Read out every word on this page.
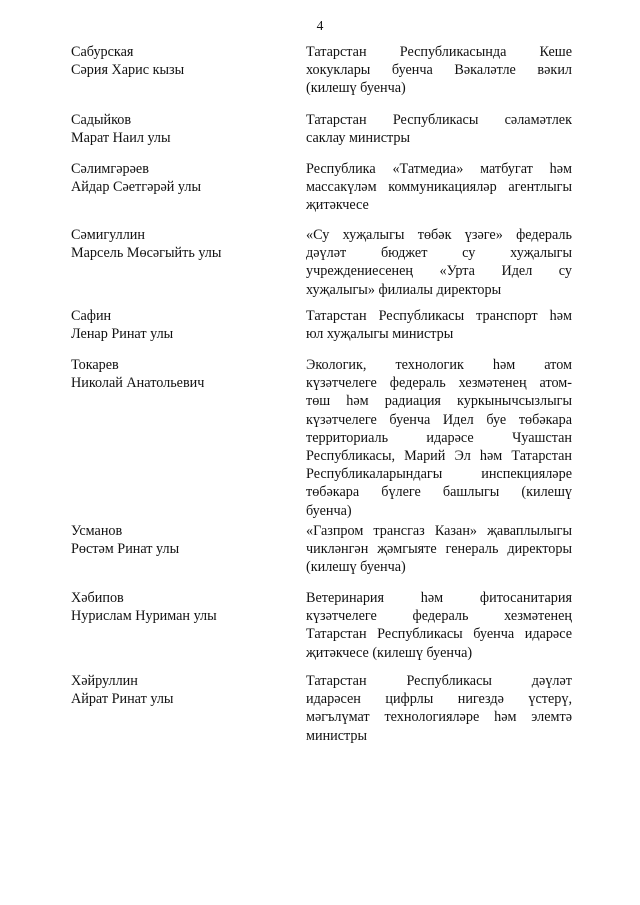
4
Сабурская
Сәрия Харис кызы
Татарстан Республикасында Кеше
хокуклары буенча Вәкаләтле вәкил
(килешү буенча)
Садыйков
Марат Наил улы
Татарстан Республикасы сәламәтлек
саклау министры
Сәлимгәрәев
Айдар Сәетгәрәй улы
Республика «Татмедиа» матбугат һәм
массакүләм коммуникацияләр агентлыгы
җитәкчесе
Сәмигуллин
Марсель Мөсәгыйть улы
«Су хуҗалыгы төбәк үзәге» федераль
дәүләт бюджет су хуҗалыгы
учреждениесенең «Урта Идел су
хуҗалыгы» филиалы директоры
Сафин
Ленар Ринат улы
Татарстан Республикасы транспорт һәм
юл хуҗалыгы министры
Токарев
Николай Анатольевич
Экологик, технологик һәм атом
күзәтчелеге федераль хезмәтенең атом-
төш һәм радиация куркынычсызлыгы
күзәтчелеге буенча Идел буе төбәкара
территориаль идарәсе Чуашстан
Республикасы, Марий Эл һәм Татарстан
Республикаларындагы инспекцияләре
төбәкара бүлеге башлыгы (килешү
буенча)
Усманов
Рөстәм Ринат улы
«Газпром трансгаз Казан» җаваплылыгы
чикләнгән җәмгыяте генераль директоры
(килешү буенча)
Хәбипов
Нурислам Нуриман улы
Ветеринария һәм фитосанитария
күзәтчелеге федераль хезмәтенең
Татарстан Республикасы буенча идарәсе
җитәкчесе (килешү буенча)
Хәйруллин
Айрат Ринат улы
Татарстан Республикасы дәүләт
идарәсен цифрлы нигездә үстерү,
мәгълүмат технологияләре һәм элемтә
министры
